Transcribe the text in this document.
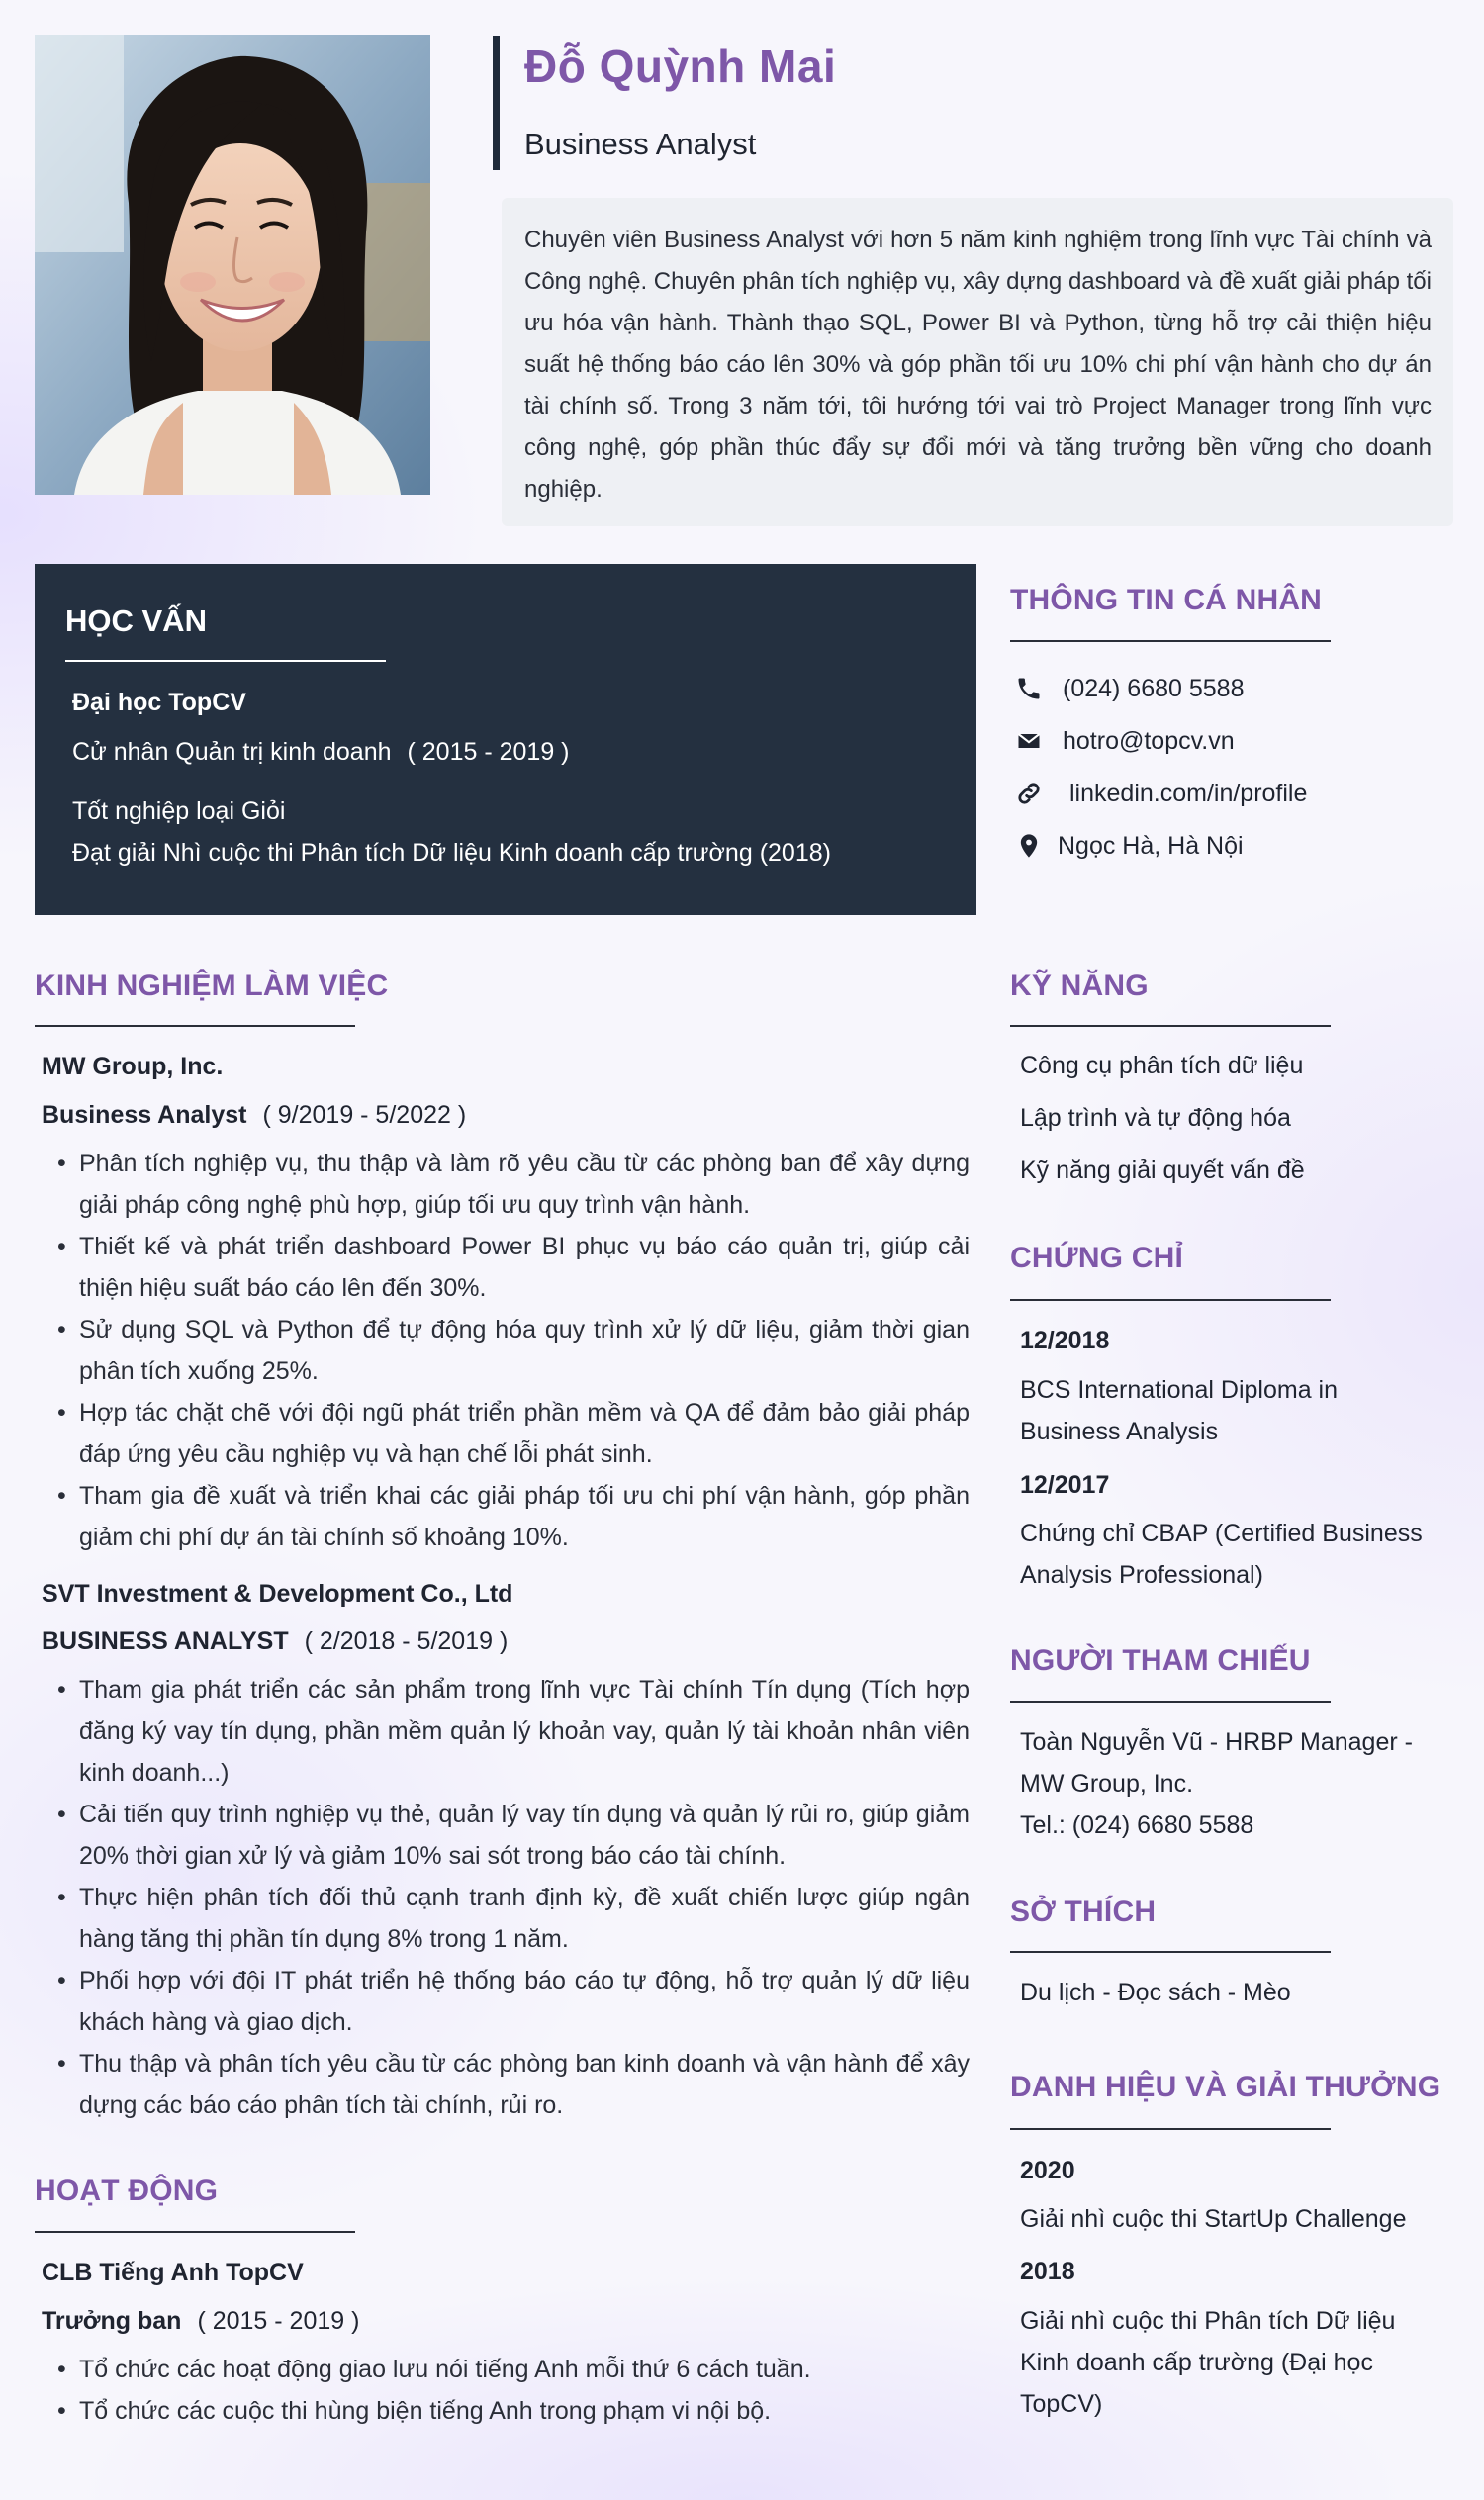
Đỗ Quỳnh Mai
Business Analyst
Chuyên viên Business Analyst với hơn 5 năm kinh nghiệm trong lĩnh vực Tài chính và Công nghệ. Chuyên phân tích nghiệp vụ, xây dựng dashboard và đề xuất giải pháp tối ưu hóa vận hành. Thành thạo SQL, Power BI và Python, từng hỗ trợ cải thiện hiệu suất hệ thống báo cáo lên 30% và góp phần tối ưu 10% chi phí vận hành cho dự án tài chính số. Trong 3 năm tới, tôi hướng tới vai trò Project Manager trong lĩnh vực công nghệ, góp phần thúc đẩy sự đổi mới và tăng trưởng bền vững cho doanh nghiệp.
HỌC VẤN
Đại học TopCV
Cử nhân Quản trị kinh doanh ( 2015 - 2019 )
Tốt nghiệp loại Giỏi
Đạt giải Nhì cuộc thi Phân tích Dữ liệu Kinh doanh cấp trường (2018)
THÔNG TIN CÁ NHÂN
(024) 6680 5588
hotro@topcv.vn
linkedin.com/in/profile
Ngọc Hà, Hà Nội
KINH NGHIỆM LÀM VIỆC
MW Group, Inc.
Business Analyst ( 9/2019 - 5/2022 )
• Phân tích nghiệp vụ, thu thập và làm rõ yêu cầu từ các phòng ban để xây dựng giải pháp công nghệ phù hợp, giúp tối ưu quy trình vận hành.
• Thiết kế và phát triển dashboard Power BI phục vụ báo cáo quản trị, giúp cải thiện hiệu suất báo cáo lên đến 30%.
• Sử dụng SQL và Python để tự động hóa quy trình xử lý dữ liệu, giảm thời gian phân tích xuống 25%.
• Hợp tác chặt chẽ với đội ngũ phát triển phần mềm và QA để đảm bảo giải pháp đáp ứng yêu cầu nghiệp vụ và hạn chế lỗi phát sinh.
• Tham gia đề xuất và triển khai các giải pháp tối ưu chi phí vận hành, góp phần giảm chi phí dự án tài chính số khoảng 10%.
SVT Investment & Development Co., Ltd
BUSINESS ANALYST ( 2/2018 - 5/2019 )
• Tham gia phát triển các sản phẩm trong lĩnh vực Tài chính Tín dụng (Tích hợp đăng ký vay tín dụng, phần mềm quản lý khoản vay, quản lý tài khoản nhân viên kinh doanh...)
• Cải tiến quy trình nghiệp vụ thẻ, quản lý vay tín dụng và quản lý rủi ro, giúp giảm 20% thời gian xử lý và giảm 10% sai sót trong báo cáo tài chính.
• Thực hiện phân tích đối thủ cạnh tranh định kỳ, đề xuất chiến lược giúp ngân hàng tăng thị phần tín dụng 8% trong 1 năm.
• Phối hợp với đội IT phát triển hệ thống báo cáo tự động, hỗ trợ quản lý dữ liệu khách hàng và giao dịch.
• Thu thập và phân tích yêu cầu từ các phòng ban kinh doanh và vận hành để xây dựng các báo cáo phân tích tài chính, rủi ro.
HOẠT ĐỘNG
CLB Tiếng Anh TopCV
Trưởng ban ( 2015 - 2019 )
• Tổ chức các hoạt động giao lưu nói tiếng Anh mỗi thứ 6 cách tuần.
• Tổ chức các cuộc thi hùng biện tiếng Anh trong phạm vi nội bộ.
KỸ NĂNG
Công cụ phân tích dữ liệu
Lập trình và tự động hóa
Kỹ năng giải quyết vấn đề
CHỨNG CHỈ
12/2018
BCS International Diploma in Business Analysis
12/2017
Chứng chỉ CBAP (Certified Business Analysis Professional)
NGƯỜI THAM CHIẾU
Toàn Nguyễn Vũ - HRBP Manager - MW Group, Inc.
Tel.: (024) 6680 5588
SỞ THÍCH
Du lịch - Đọc sách - Mèo
DANH HIỆU VÀ GIẢI THƯỞNG
2020
Giải nhì cuộc thi StartUp Challenge
2018
Giải nhì cuộc thi Phân tích Dữ liệu Kinh doanh cấp trường (Đại học TopCV)
